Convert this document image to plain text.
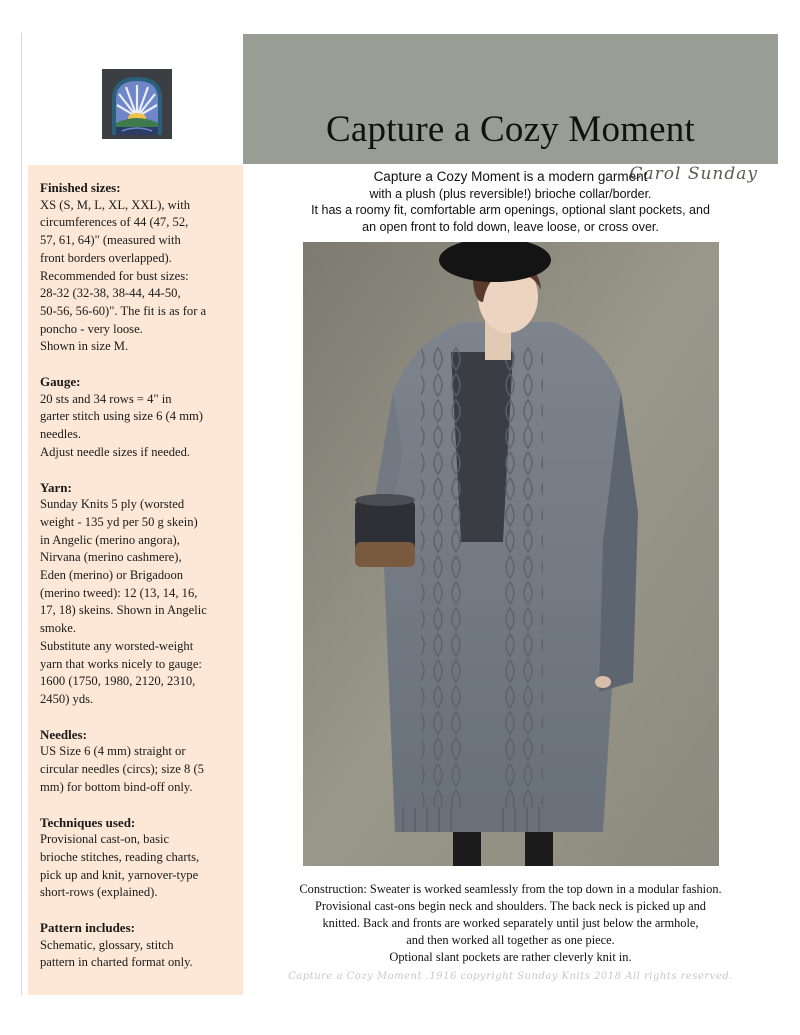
Capture a Cozy Moment
Carol Sunday
Finished sizes:
XS (S, M, L, XL, XXL), with
circumferences of 44 (47, 52,
57, 61, 64)" (measured with
front borders overlapped).
Recommended for bust sizes:
28-32 (32-38, 38-44, 44-50,
50-56, 56-60)". The fit is as for a
poncho - very loose.
Shown in size M.
Gauge:
20 sts and 34 rows = 4" in
garter stitch using size 6 (4 mm)
needles.
Adjust needle sizes if needed.
Yarn:
Sunday Knits 5 ply (worsted
weight - 135 yd per 50 g skein)
in Angelic (merino angora),
Nirvana (merino cashmere),
Eden (merino) or Brigadoon
(merino tweed): 12 (13, 14, 16,
17, 18) skeins. Shown in Angelic
smoke.
Substitute any worsted-weight
yarn that works nicely to gauge:
1600 (1750, 1980, 2120, 2310,
2450) yds.
Needles:
US Size 6 (4 mm) straight or
circular needles (circs); size 8 (5
mm) for bottom bind-off only.
Techniques used:
Provisional cast-on, basic
brioche stitches, reading charts,
pick up and knit, yarnover-type
short-rows (explained).
Pattern includes:
Schematic, glossary, stitch
pattern in charted format only.
Capture a Cozy Moment is a modern garment
with a plush (plus reversible!) brioche collar/border.
It has a roomy fit, comfortable arm openings, optional slant pockets, and
an open front to fold down, leave loose, or cross over.
Construction: Sweater is worked seamlessly from the top down in a modular fashion.
Provisional cast-ons begin neck and shoulders. The back neck is picked up and
knitted. Back and fronts are worked separately until just below the armhole,
and then worked all together as one piece.
Optional slant pockets are rather cleverly knit in.
Capture a Cozy Moment .1916 copyright Sunday Knits 2018 All rights reserved.
